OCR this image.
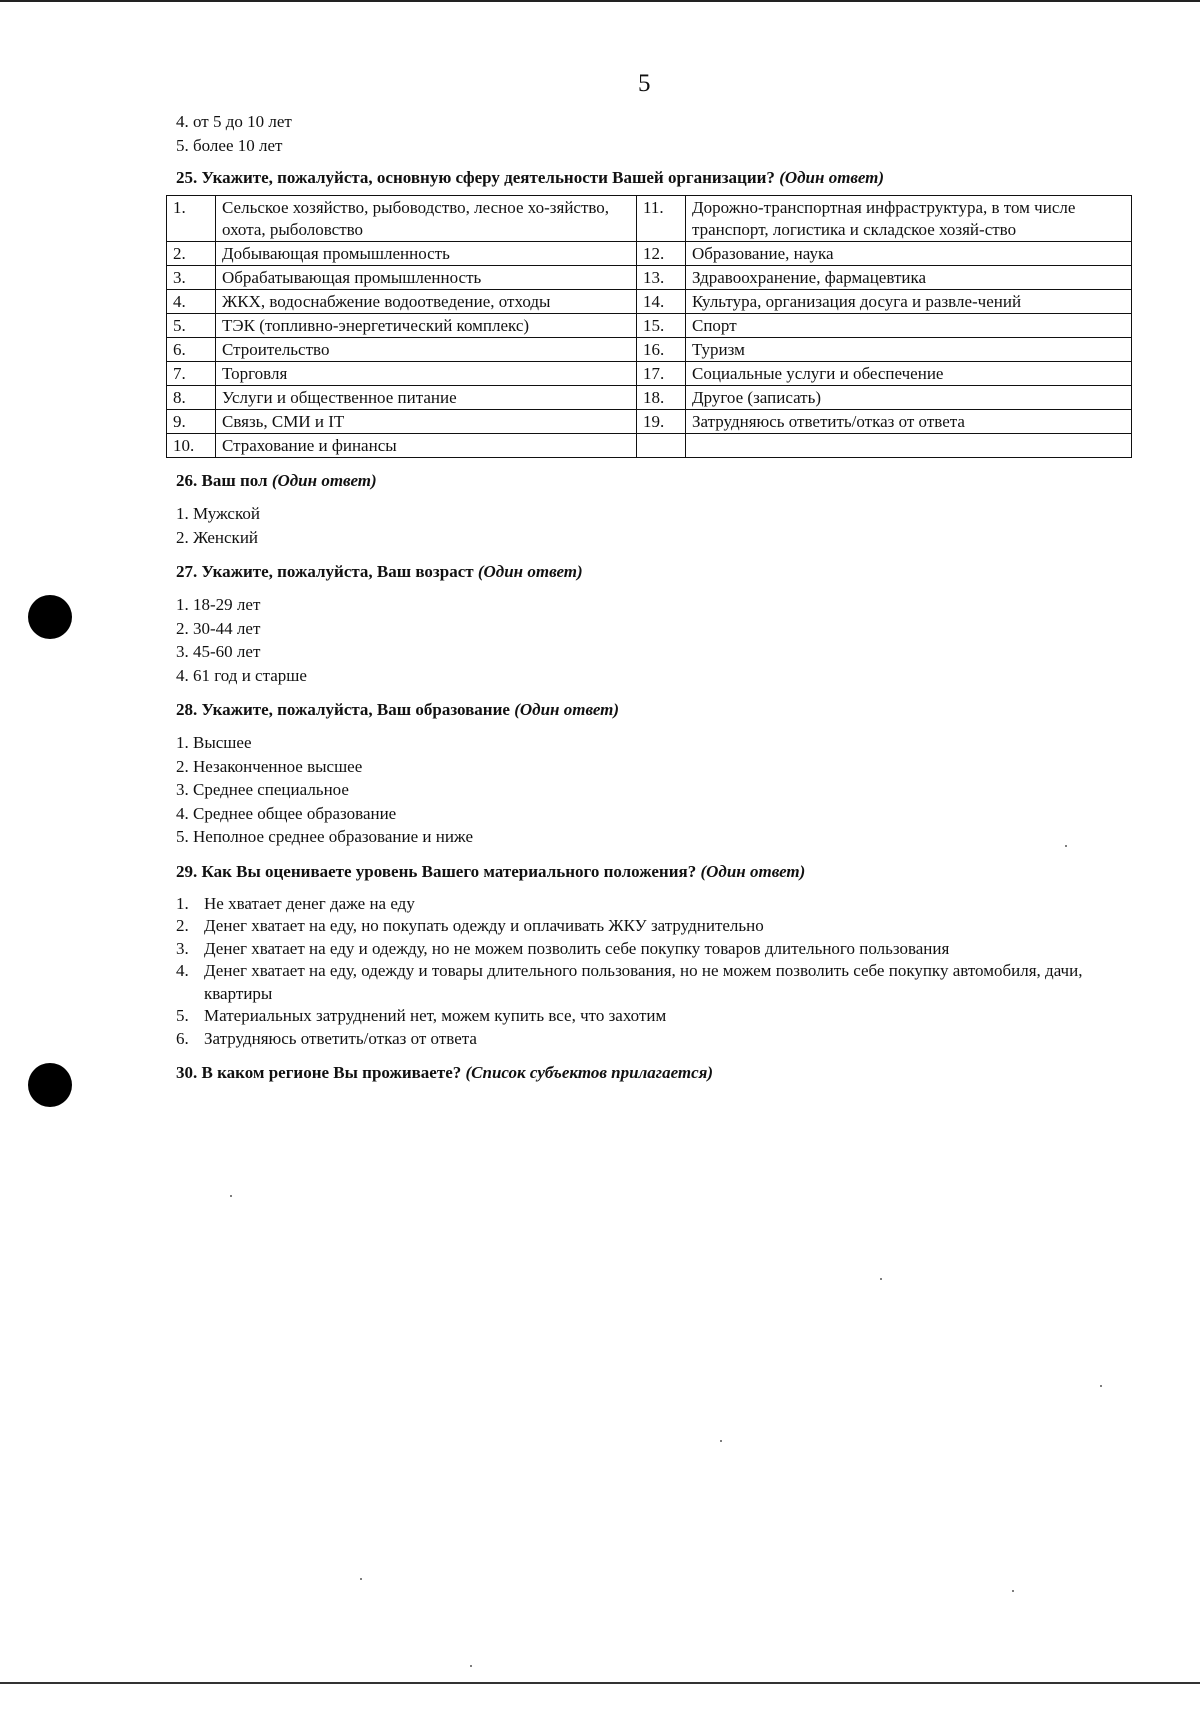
5
4. от 5 до 10 лет
5. более 10 лет
25. Укажите, пожалуйста, основную сферу деятельности Вашей организации? (Один ответ)
1.	Сельское хозяйство, рыбоводство, лесное хо-зяйство, охота, рыболовство	11.	Дорожно-транспортная инфраструктура, в том числе транспорт, логистика и складское хозяй-ство
2.	Добывающая промышленность	12.	Образование, наука
3.	Обрабатывающая промышленность	13.	Здравоохранение, фармацевтика
4.	ЖКХ, водоснабжение водоотведение, отходы	14.	Культура, организация досуга и развле-чений
5.	ТЭК (топливно-энергетический комплекс)	15.	Спорт
6.	Строительство	16.	Туризм
7.	Торговля	17.	Социальные услуги и обеспечение
8.	Услуги и общественное питание	18.	Другое (записать)
9.	Связь, СМИ и IT	19.	Затрудняюсь ответить/отказ от ответа
10.	Страхование и финансы		
26. Ваш пол (Один ответ)
1. Мужской
2. Женский
27. Укажите, пожалуйста, Ваш возраст (Один ответ)
1. 18-29 лет
2. 30-44 лет
3. 45-60 лет
4. 61 год и старше
28. Укажите, пожалуйста, Ваш образование (Один ответ)
1. Высшее
2. Незаконченное высшее
3. Среднее специальное
4. Среднее общее образование
5. Неполное среднее образование и ниже
29. Как Вы оцениваете уровень Вашего материального положения? (Один ответ)
1. Не хватает денег даже на еду
2. Денег хватает на еду, но покупать одежду и оплачивать ЖКУ затруднительно
3. Денег хватает на еду и одежду, но не можем позволить себе покупку товаров длительного пользования
4. Денег хватает на еду, одежду и товары длительного пользования, но не можем позволить себе покупку автомобиля, дачи, квартиры
5. Материальных затруднений нет, можем купить все, что захотим
6. Затрудняюсь ответить/отказ от ответа
30. В каком регионе Вы проживаете? (Список субъектов прилагается)
